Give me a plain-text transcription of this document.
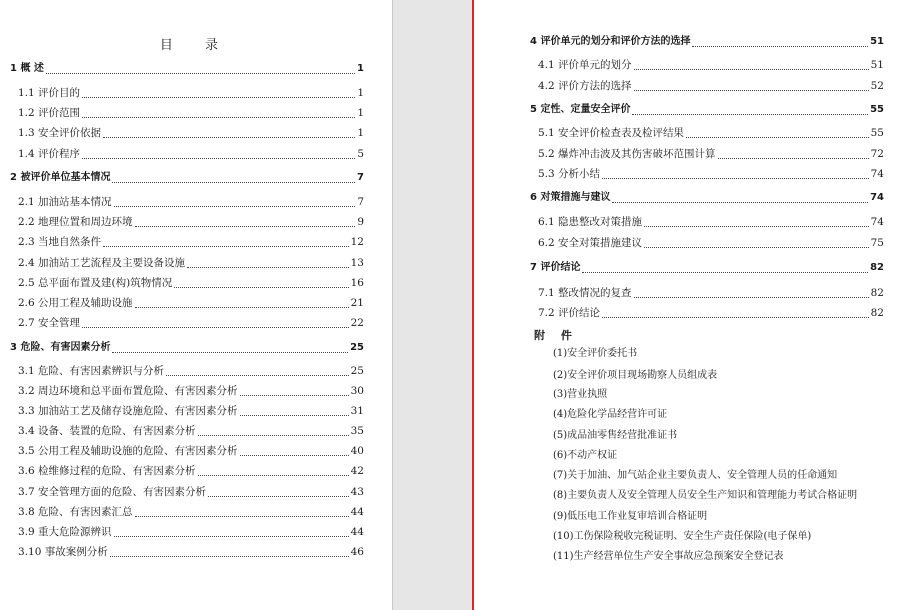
目 录
1 概 述	1
1.1 评价目的	1
1.2 评价范围	1
1.3 安全评价依据	1
1.4 评价程序	5
2 被评价单位基本情况	7
2.1 加油站基本情况	7
2.2 地理位置和周边环境	9
2.3 当地自然条件	12
2.4 加油站工艺流程及主要设备设施	13
2.5 总平面布置及建(构)筑物情况	16
2.6 公用工程及辅助设施	21
2.7 安全管理	22
3 危险、有害因素分析	25
3.1 危险、有害因素辨识与分析	25
3.2 周边环境和总平面布置危险、有害因素分析	30
3.3 加油站工艺及储存设施危险、有害因素分析	31
3.4 设备、装置的危险、有害因素分析	35
3.5 公用工程及辅助设施的危险、有害因素分析	40
3.6 检维修过程的危险、有害因素分析	42
3.7 安全管理方面的危险、有害因素分析	43
3.8 危险、有害因素汇总	44
3.9 重大危险源辨识	44
3.10 事故案例分析	46
4 评价单元的划分和评价方法的选择	51
4.1 评价单元的划分	51
4.2 评价方法的选择	52
5 定性、定量安全评价	55
5.1 安全评价检查表及检评结果	55
5.2 爆炸冲击波及其伤害破坏范围计算	72
5.3 分析小结	74
6 对策措施与建议	74
6.1 隐患整改对策措施	74
6.2 安全对策措施建议	75
7 评价结论	82
7.1 整改情况的复查	82
7.2 评价结论	82
附 件
(1)安全评价委托书
(2)安全评价项目现场勘察人员组成表
(3)营业执照
(4)危险化学品经营许可证
(5)成品油零售经营批准证书
(6)不动产权证
(7)关于加油、加气站企业主要负责人、安全管理人员的任命通知
(8)主要负责人及安全管理人员安全生产知识和管理能力考试合格证明
(9)低压电工作业复审培训合格证明
(10)工伤保险税收完税证明、安全生产责任保险(电子保单)
(11)生产经营单位生产安全事故应急预案安全登记表
